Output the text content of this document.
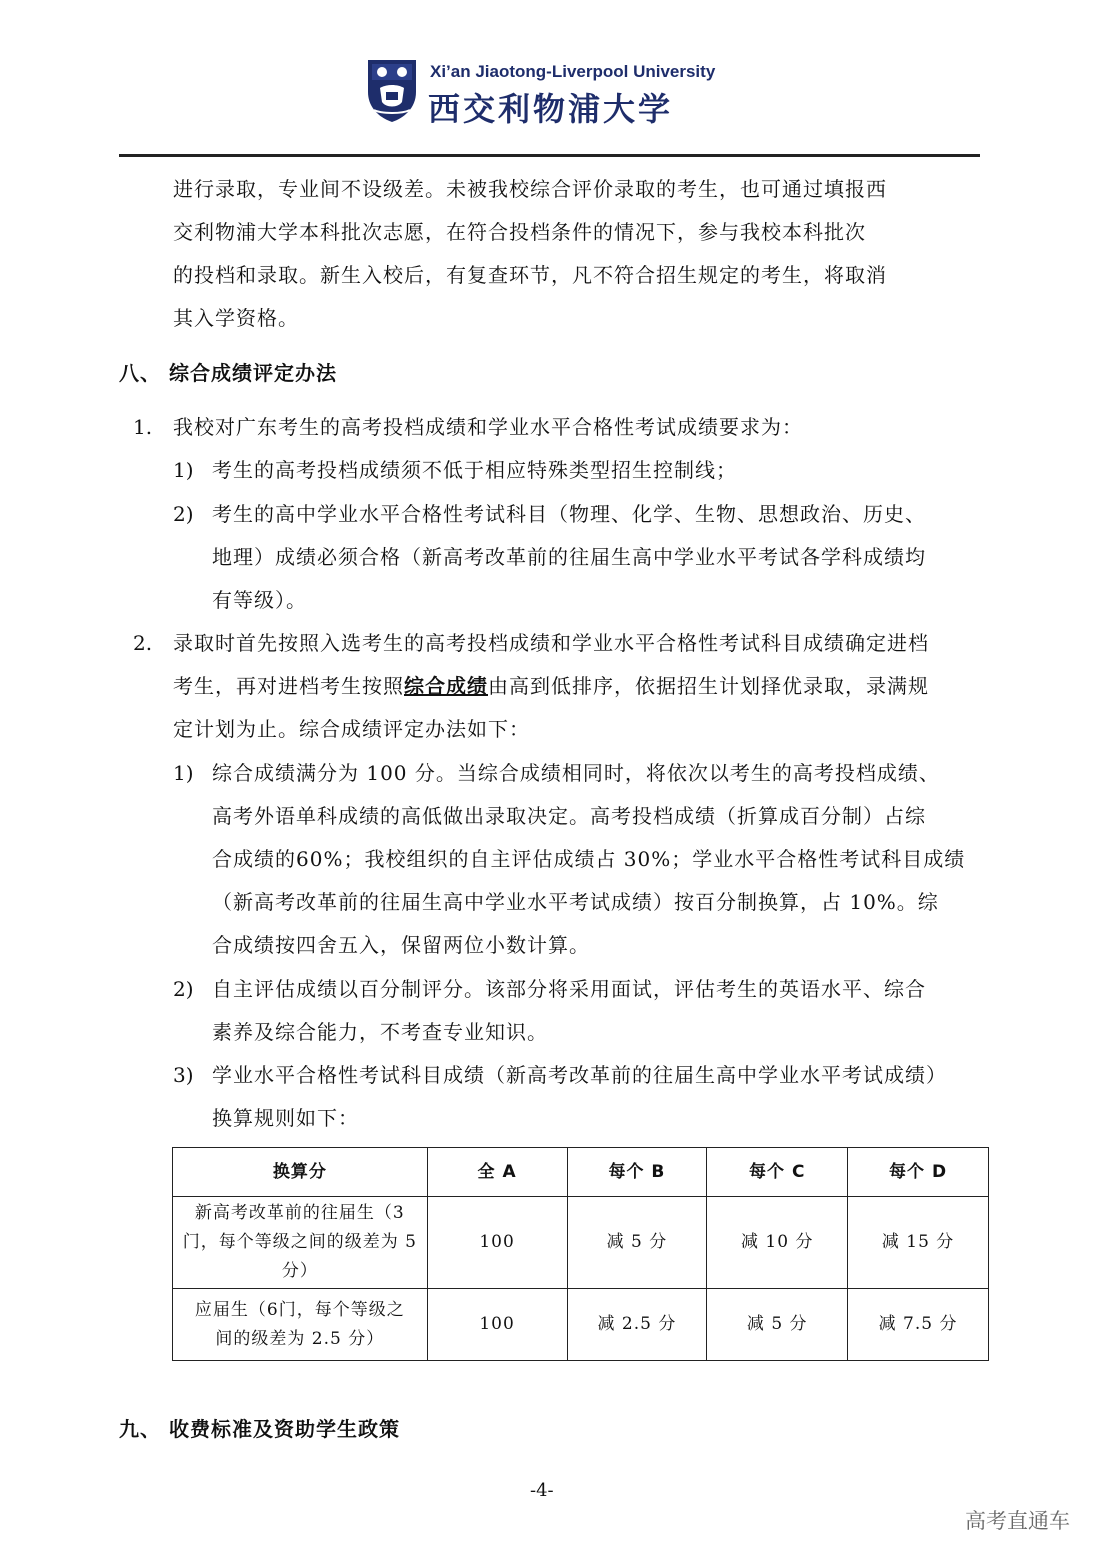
Xi’an Jiaotong-Liverpool University
西交利物浦大学
进行录取，专业间不设级差。未被我校综合评价录取的考生，也可通过填报西
交利物浦大学本科批次志愿，在符合投档条件的情况下，参与我校本科批次
的投档和录取。新生入校后，有复查环节，凡不符合招生规定的考生，将取消
其入学资格。
八、 综合成绩评定办法
1. 我校对广东考生的高考投档成绩和学业水平合格性考试成绩要求为：
1) 考生的高考投档成绩须不低于相应特殊类型招生控制线；
2) 考生的高中学业水平合格性考试科目（物理、化学、生物、思想政治、历史、
地理）成绩必须合格（新高考改革前的往届生高中学业水平考试各学科成绩均
有等级）。
2. 录取时首先按照入选考生的高考投档成绩和学业水平合格性考试科目成绩确定进档
考生，再对进档考生按照综合成绩由高到低排序，依据招生计划择优录取，录满规
定计划为止。综合成绩评定办法如下：
1) 综合成绩满分为 100 分。当综合成绩相同时，将依次以考生的高考投档成绩、
高考外语单科成绩的高低做出录取决定。高考投档成绩（折算成百分制）占综
合成绩的60%；我校组织的自主评估成绩占 30%；学业水平合格性考试科目成绩
（新高考改革前的往届生高中学业水平考试成绩）按百分制换算，占 10%。综
合成绩按四舍五入，保留两位小数计算。
2) 自主评估成绩以百分制评分。该部分将采用面试，评估考生的英语水平、综合
素养及综合能力，不考查专业知识。
3) 学业水平合格性考试科目成绩（新高考改革前的往届生高中学业水平考试成绩）
换算规则如下：
换算分	全 A	每个 B	每个 C	每个 D
新高考改革前的往届生（3门，每个等级之间的级差为 5 分）	100	减 5 分	减 10 分	减 15 分
应届生（6门，每个等级之间的级差为 2.5 分）	100	减 2.5 分	减 5 分	减 7.5 分
九、 收费标准及资助学生政策
-4-
高考直通车
